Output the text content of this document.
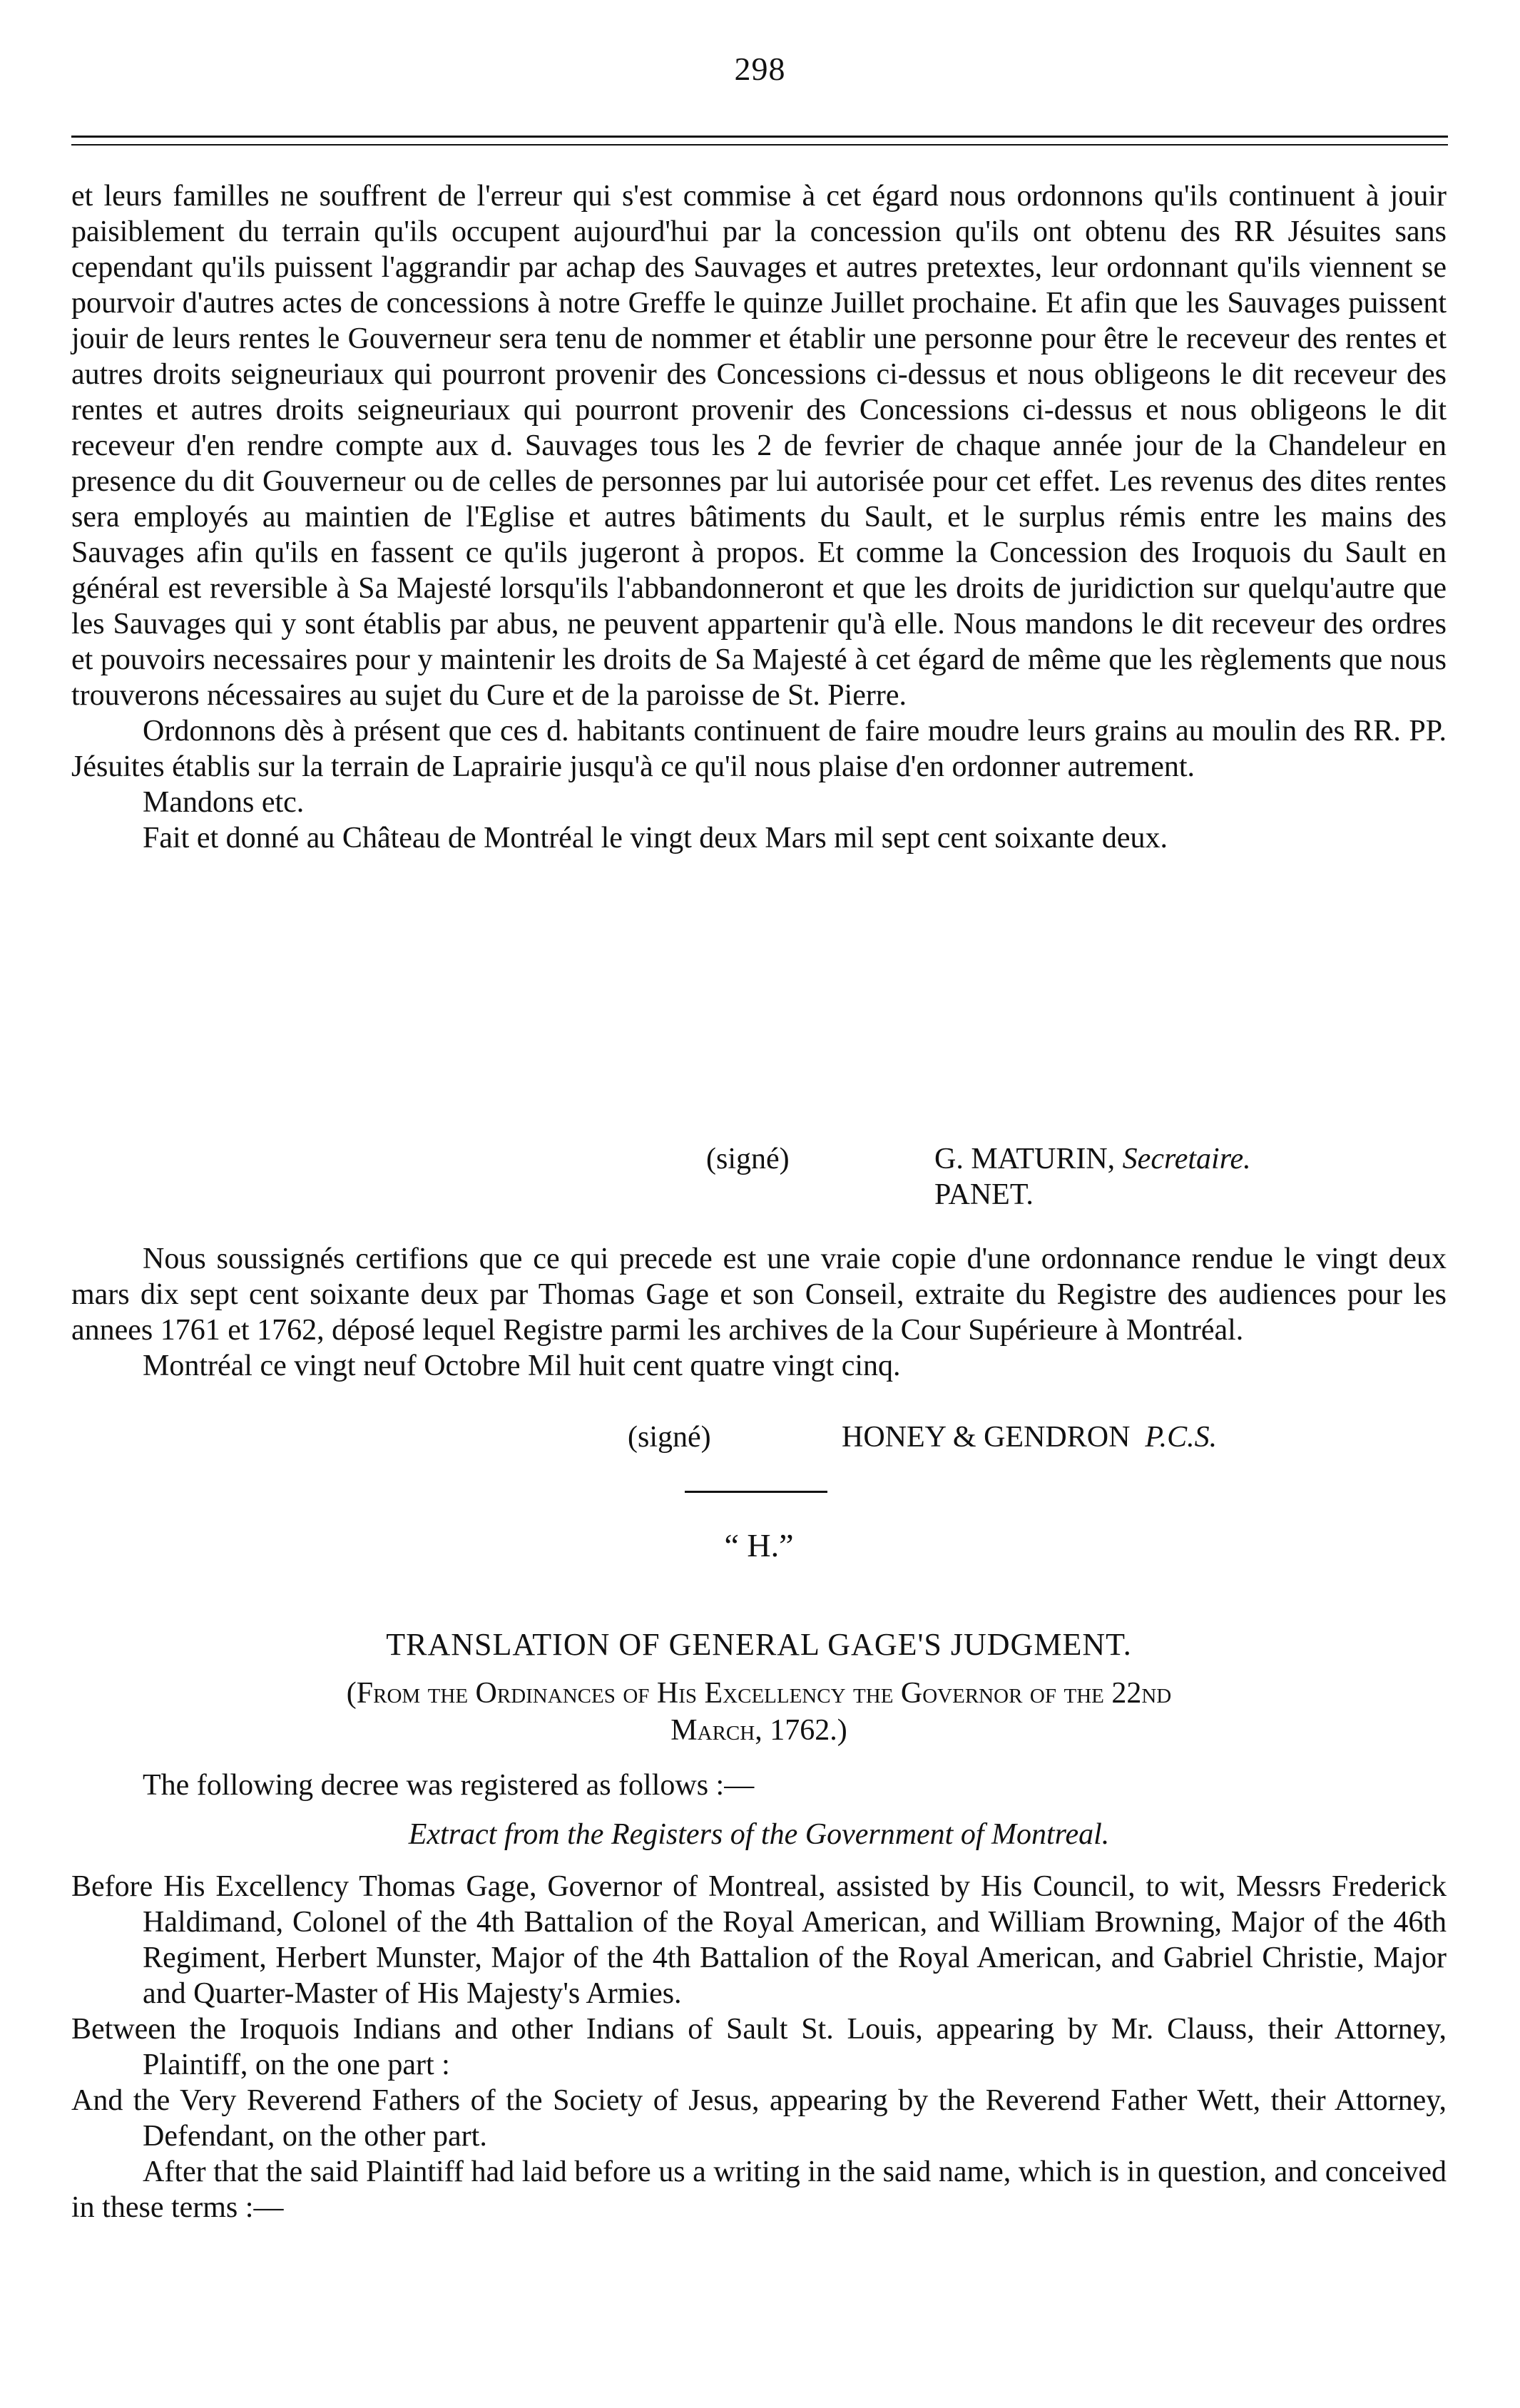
298

et leurs familles ne souffrent de l'erreur qui s'est commise à cet égard nous ordonnons qu'ils continuent à jouir paisiblement du terrain qu'ils occupent aujourd'hui par la concession qu'ils ont obtenu des RR Jésuites sans cependant qu'ils puissent l'aggrandir par achap des Sauvages et autres pretextes, leur ordonnant qu'ils viennent se pourvoir d'autres actes de concessions à notre Greffe le quinze Juillet prochaine. Et afin que les Sauvages puissent jouir de leurs rentes le Gouverneur sera tenu de nommer et établir une personne pour être le receveur des rentes et autres droits seigneuriaux qui pourront provenir des Concessions ci-dessus et nous obligeons le dit receveur des rentes et autres droits seigneuriaux qui pourront provenir des Concessions ci-dessus et nous obligeons le dit receveur d'en rendre compte aux d. Sauvages tous les 2 de fevrier de chaque année jour de la Chandeleur en presence du dit Gouverneur ou de celles de personnes par lui autorisée pour cet effet. Les revenus des dites rentes sera employés au maintien de l'Eglise et autres bâtiments du Sault, et le surplus rémis entre les mains des Sauvages afin qu'ils en fassent ce qu'ils jugeront à propos. Et comme la Concession des Iroquois du Sault en général est reversible à Sa Majesté lorsqu'ils l'abbandonneront et que les droits de juridiction sur quelqu'autre que les Sauvages qui y sont établis par abus, ne peuvent appartenir qu'à elle. Nous mandons le dit receveur des ordres et pouvoirs necessaires pour y maintenir les droits de Sa Majesté à cet égard de même que les règlements que nous trouverons nécessaires au sujet du Cure et de la paroisse de St. Pierre.

Ordonnons dès à présent que ces d. habitants continuent de faire moudre leurs grains au moulin des RR. PP. Jésuites établis sur la terrain de Laprairie jusqu'à ce qu'il nous plaise d'en ordonner autrement.

Mandons etc.

Fait et donné au Château de Montréal le vingt deux Mars mil sept cent soixante deux.

(signé)	G. MATURIN, Secretaire.
PANET.

Nous soussignés certifions que ce qui precede est une vraie copie d'une ordonnance rendue le vingt deux mars dix sept cent soixante deux par Thomas Gage et son Conseil, extraite du Registre des audiences pour les annees 1761 et 1762, déposé lequel Registre parmi les archives de la Cour Supérieure à Montréal.

Montréal ce vingt neuf Octobre Mil huit cent quatre vingt cinq.

(signé)	HONEY & GENDRON P.C.S.
“ H.”
TRANSLATION OF GENERAL GAGE'S JUDGMENT.
(From the Ordinances of His Excellency the Governor of the 22nd
March, 1762.)
The following decree was registered as follows :—
Extract from the Registers of the Government of Montreal.

Before His Excellency Thomas Gage, Governor of Montreal, assisted by His Council, to wit, Messrs Frederick Haldimand, Colonel of the 4th Battalion of the Royal American, and William Browning, Major of the 46th Regiment, Herbert Munster, Major of the 4th Battalion of the Royal American, and Gabriel Christie, Major and Quarter-Master of His Majesty's Armies.

Between the Iroquois Indians and other Indians of Sault St. Louis, appearing by Mr. Clauss, their Attorney, Plaintiff, on the one part :

And the Very Reverend Fathers of the Society of Jesus, appearing by the Reverend Father Wett, their Attorney, Defendant, on the other part.

After that the said Plaintiff had laid before us a writing in the said name, which is in question, and conceived in these terms :—
